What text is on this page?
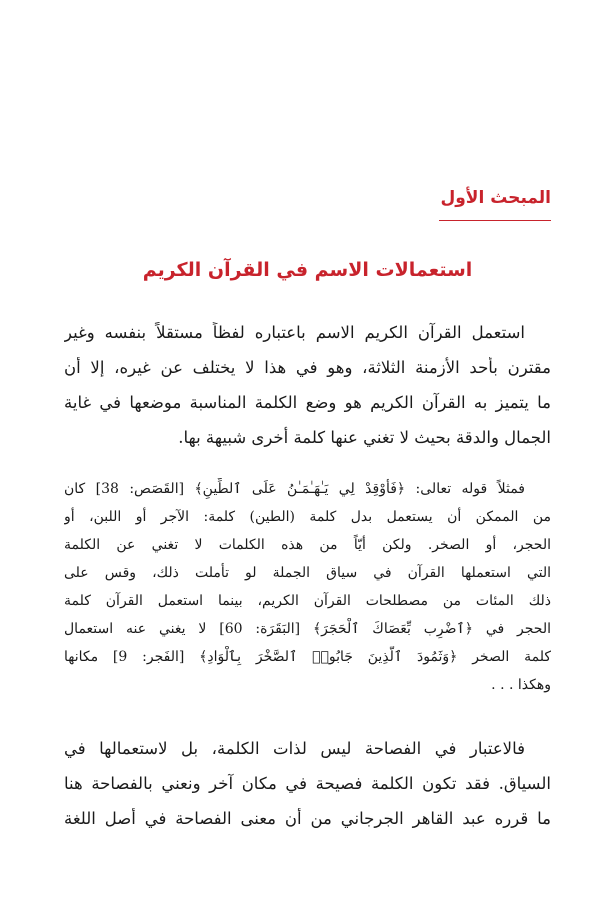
المبحث الأول
استعمالات الاسم في القرآن الكريم
استعمل القرآن الكريم الاسم باعتباره لفظاً مستقلاً بنفسه وغير
مقترن بأحد الأزمنة الثلاثة، وهو في هذا لا يختلف عن غيره، إلا أن
ما يتميز به القرآن الكريم هو وضع الكلمة المناسبة موضعها في غاية
الجمال والدقة بحيث لا تغني عنها كلمة أخرى شبيهة بها.
فمثلاً قوله تعالى: ﴿فَأَوْقِدْ لِي يَـٰهَـٰمَـٰنُ عَلَى ٱلطِّينِ﴾ [القَصَص: 38] كان
من الممكن أن يستعمل بدل كلمة (الطين) كلمة: الآجر أو اللبن، أو
الحجر، أو الصخر. ولكن أيّاً من هذه الكلمات لا تغني عن الكلمة
التي استعملها القرآن في سياق الجملة لو تأملت ذلك، وقس على
ذلك المئات من مصطلحات القرآن الكريم، بينما استعمل القرآن كلمة
الحجر في ﴿ٱضْرِب بِّعَصَاكَ ٱلْحَجَرَ﴾ [البَقَرَة: 60] لا يغني عنه استعمال
كلمة الصخر ﴿وَثَمُودَ ٱلَّذِينَ جَابُوا۟ ٱلصَّخْرَ بِٱلْوَادِ﴾ [الفَجر: 9] مكانها
وهكذا . . .
فالاعتبار في الفصاحة ليس لذات الكلمة، بل لاستعمالها في
السياق. فقد تكون الكلمة فصيحة في مكان آخر ونعني بالفصاحة هنا
ما قرره عبد القاهر الجرجاني من أن معنى الفصاحة في أصل اللغة
